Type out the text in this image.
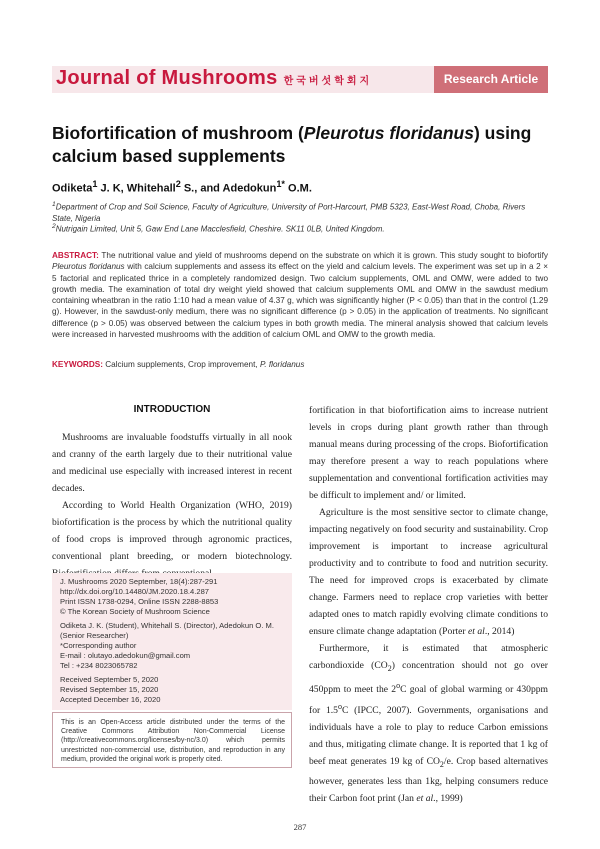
Journal of Mushrooms 한국버섯학회지	Research Article
Biofortification of mushroom (Pleurotus floridanus) using
calcium based supplements
Odiketa$^1$ J. K, Whitehall$^2$ S., and Adedokun$^{1*}$ O.M.
$^1$Department of Crop and Soil Science, Faculty of Agriculture, University of Port-Harcourt, PMB 5323, East-West Road, Choba, Rivers State, Nigeria
$^2$Nutrigain Limited, Unit 5, Gaw End Lane Macclesfield, Cheshire. SK11 0LB, United Kingdom.

ABSTRACT: The nutritional value and yield of mushrooms depend on the substrate on which it is grown. This study sought to biofortify Pleurotus floridanus with calcium supplements and assess its effect on the yield and calcium levels. The experiment was set up in a 2 × 5 factorial and replicated thrice in a completely randomized design. Two calcium supplements, OML and OMW, were added to two growth media. The examination of total dry weight yield showed that calcium supplements OML and OMW in the sawdust medium containing wheatbran in the ratio 1:10 had a mean value of 4.37 g, which was significantly higher (P < 0.05) than that in the control (1.29 g). However, in the sawdust-only medium, there was no significant difference (p > 0.05) in the application of treatments. No significant difference (p > 0.05) was observed between the calcium types in both growth media. The mineral analysis showed that calcium levels were increased in harvested mushrooms with the addition of calcium OML and OMW to the growth media.

KEYWORDS: Calcium supplements, Crop improvement, P. floridanus
INTRODUCTION

Mushrooms are invaluable foodstuffs virtually in all nook and cranny of the earth largely due to their nutritional value and medicinal use especially with increased interest in recent decades.

According to World Health Organization (WHO, 2019) biofortification is the process by which the nutritional quality of food crops is improved through agronomic practices, conventional plant breeding, or modern biotechnology.

J. Mushrooms 2020 September, 18(4):287-291
http://dx.doi.org/10.14480/JM.2020.18.4.287
Print ISSN 1738-0294, Online ISSN 2288-8853
© The Korean Society of Mushroom Science
Odiketa J. K. (Student), Whitehall S. (Director), Adedokun O. M. (Senior Researcher)
*Corresponding author
E-mail : olutayo.adedokun@gmail.com
Tel : +234 8023065782
Received September 5, 2020
Revised September 15, 2020
Accepted December 16, 2020
This is an Open-Access article distributed under the terms of the Creative Commons Attribution Non-Commercial License (http://creativecommons.org/licenses/by-nc/3.0) which permits unrestricted non-commercial use, distribution, and reproduction in any medium, provided the original work is properly cited.

fortification in that biofortification aims to increase nutrient levels in crops during plant growth rather than through manual means during processing of the crops. Biofortification may therefore present a way to reach populations where supplementation and conventional fortification activities may be difficult to implement and/ or limited.

Agriculture is the most sensitive sector to climate change, impacting negatively on food security and sustainability. Crop improvement is important to increase agricultural productivity and to contribute to food and nutrition security. The need for improved crops is exacerbated by climate change. Farmers need to replace crop varieties with better adapted ones to match rapidly evolving climate conditions to ensure climate change adaptation (Porter et al., 2014)

Furthermore, it is estimated that atmospheric carbondioxide $(CO_2)$ concentration should not go over 450ppm to meet the 2$^o$C goal of global warming or 430ppm for 1.5$^o$C (IPCC, 2007). Governments, organisations and individuals have a role to play to reduce Carbon emissions and thus, mitigating climate change. It is reported that 1 kg of beef meat generates 19 kg of $CO_2/e$. Crop based alternatives however, generates less than 1kg, helping consumers reduce their Carbon foot print (Jan et al., 1999)

287
